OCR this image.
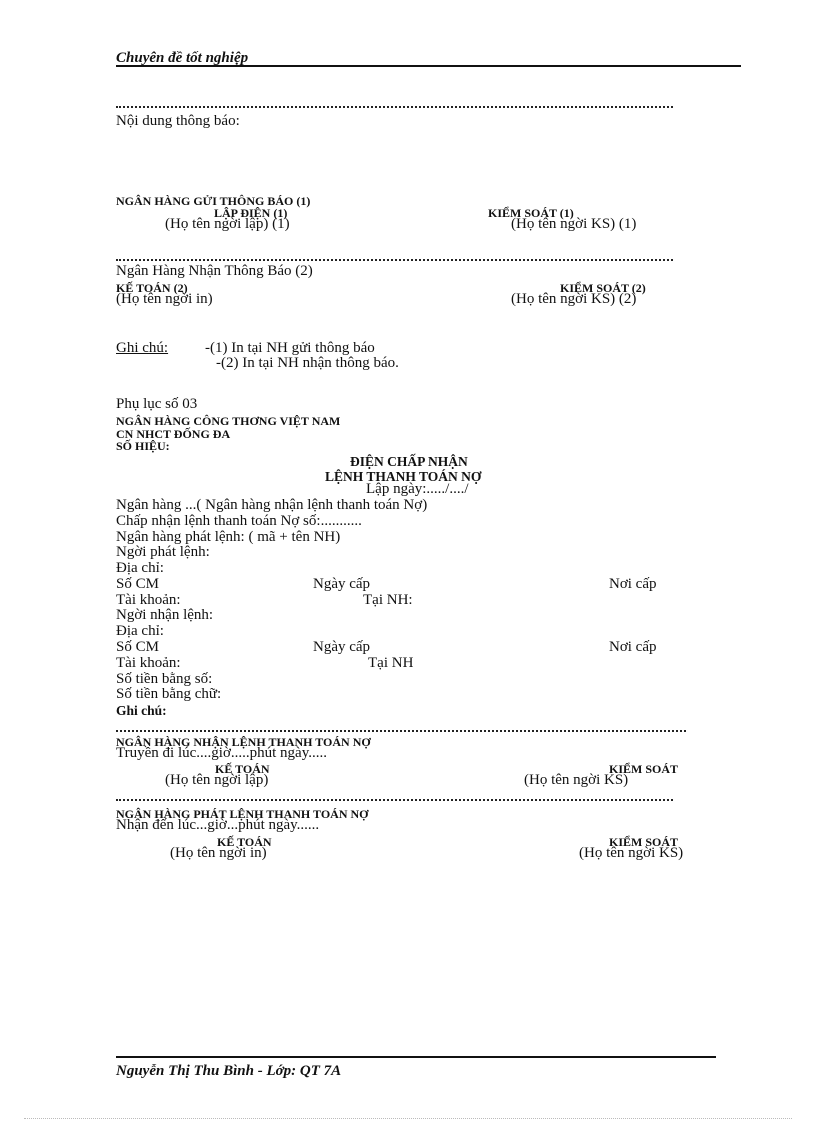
Chuyên đề tốt nghiệp
Nội dung thông báo:
NGÂN HÀNG GỬI THÔNG BÁO (1)
LẬP ĐIỆN (1)
(Họ tên ngời lập) (1)
KIỂM SOÁT (1)
(Họ tên ngời KS) (1)
Ngân Hàng Nhận Thông Báo (2)
KẾ TOÁN (2)
(Họ tên ngời in)
KIỂM SOÁT (2)
(Họ tên ngời KS) (2)
Ghi chú: -(1) In tại NH gửi thông báo
-(2) In tại NH nhận thông báo.
Phụ lục số 03
NGÂN HÀNG CÔNG THƠNG VIỆT NAM
CN NHCT ĐỐNG ĐA
SỐ HIỆU:
ĐIỆN CHẤP NHẬN
LỆNH THANH TOÁN NỢ
Lập ngày:...../..../
Ngân hàng ...( Ngân hàng nhận lệnh thanh toán Nợ)
Chấp nhận lệnh thanh toán Nợ số:...........
Ngân hàng phát lệnh: ( mã + tên NH)
Ngời phát lệnh:
Địa chỉ:
Số CM	Ngày cấp	Nơi cấp
Tài khoản:	Tại NH:
Ngời nhận lệnh:
Địa chỉ:
Số CM	Ngày cấp	Nơi cấp
Tài khoản:	Tại NH
Số tiền bằng số:
Số tiền bằng chữ:
Ghi chú:
NGÂN HÀNG NHẬN LỆNH THANH TOÁN NỢ
Truyền đi lúc....giờ.....phút ngày.....
KẾ TOÁN
(Họ tên ngời lập)
KIỂM SOÁT
(Họ tên ngời KS)
NGÂN HÀNG PHÁT LỆNH THANH TOÁN NỢ
Nhận đến lúc...giờ...phút ngày......
KẾ TOÁN
(Họ tên ngời in)
KIỂM SOÁT
(Họ tên ngời KS)
Nguyễn Thị Thu Bình - Lớp: QT 7A
